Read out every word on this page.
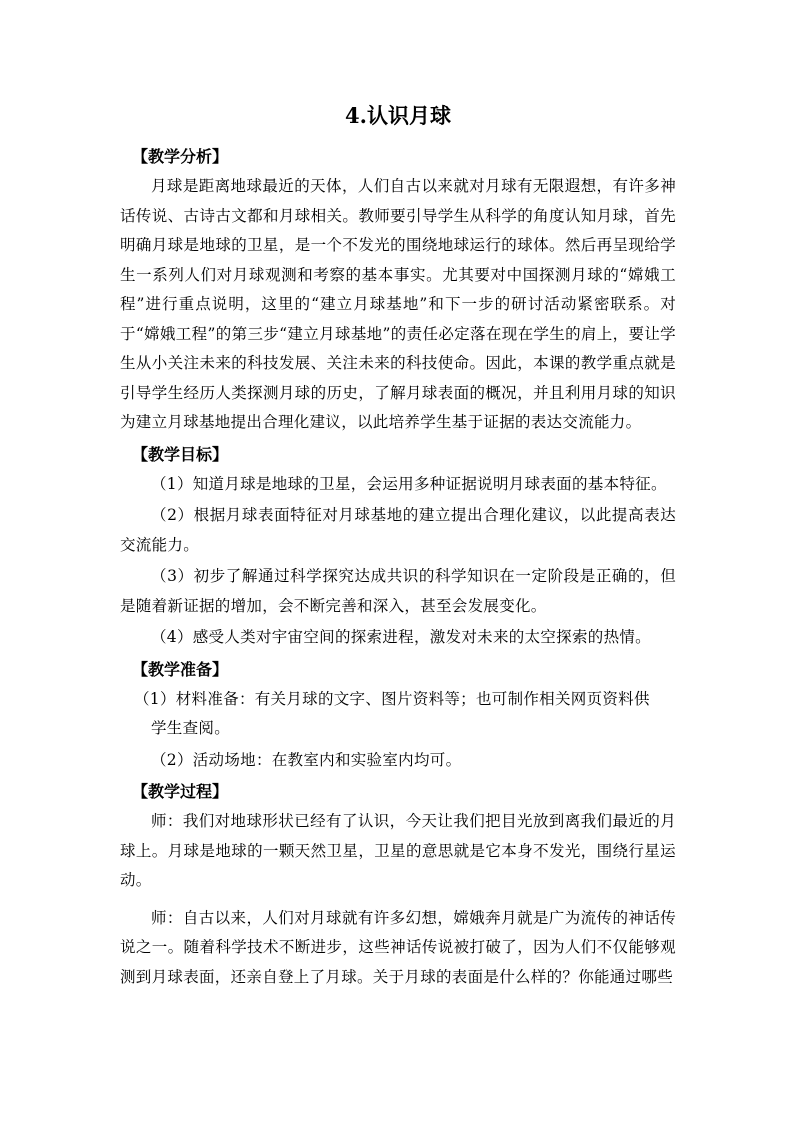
4.认识月球
【教学分析】

月球是距离地球最近的天体，人们自古以来就对月球有无限遐想，有许多神话传说、古诗古文都和月球相关。教师要引导学生从科学的角度认知月球，首先明确月球是地球的卫星，是一个不发光的围绕地球运行的球体。然后再呈现给学生一系列人们对月球观测和考察的基本事实。尤其要对中国探测月球的“嫦娥工程”进行重点说明，这里的“建立月球基地”和下一步的研讨活动紧密联系。对于“嫦娥工程”的第三步“建立月球基地”的责任必定落在现在学生的肩上，要让学生从小关注未来的科技发展、关注未来的科技使命。因此，本课的教学重点就是引导学生经历人类探测月球的历史，了解月球表面的概况，并且利用月球的知识为建立月球基地提出合理化建议，以此培养学生基于证据的表达交流能力。

【教学目标】

（1）知道月球是地球的卫星，会运用多种证据说明月球表面的基本特征。

（2）根据月球表面特征对月球基地的建立提出合理化建议，以此提高表达交流能力。

（3）初步了解通过科学探究达成共识的科学知识在一定阶段是正确的，但是随着新证据的增加，会不断完善和深入，甚至会发展变化。

（4）感受人类对宇宙空间的探索进程，激发对未来的太空探索的热情。

【教学准备】

（1）材料准备：有关月球的文字、图片资料等；也可制作相关网页资料供
学生查阅。

（2）活动场地：在教室内和实验室内均可。

【教学过程】

师：我们对地球形状已经有了认识，今天让我们把目光放到离我们最近的月球上。月球是地球的一颗天然卫星，卫星的意思就是它本身不发光，围绕行星运动。

师：自古以来，人们对月球就有许多幻想，嫦娥奔月就是广为流传的神话传说之一。随着科学技术不断进步，这些神话传说被打破了，因为人们不仅能够观测到月球表面，还亲自登上了月球。关于月球的表面是什么样的？你能通过哪些
